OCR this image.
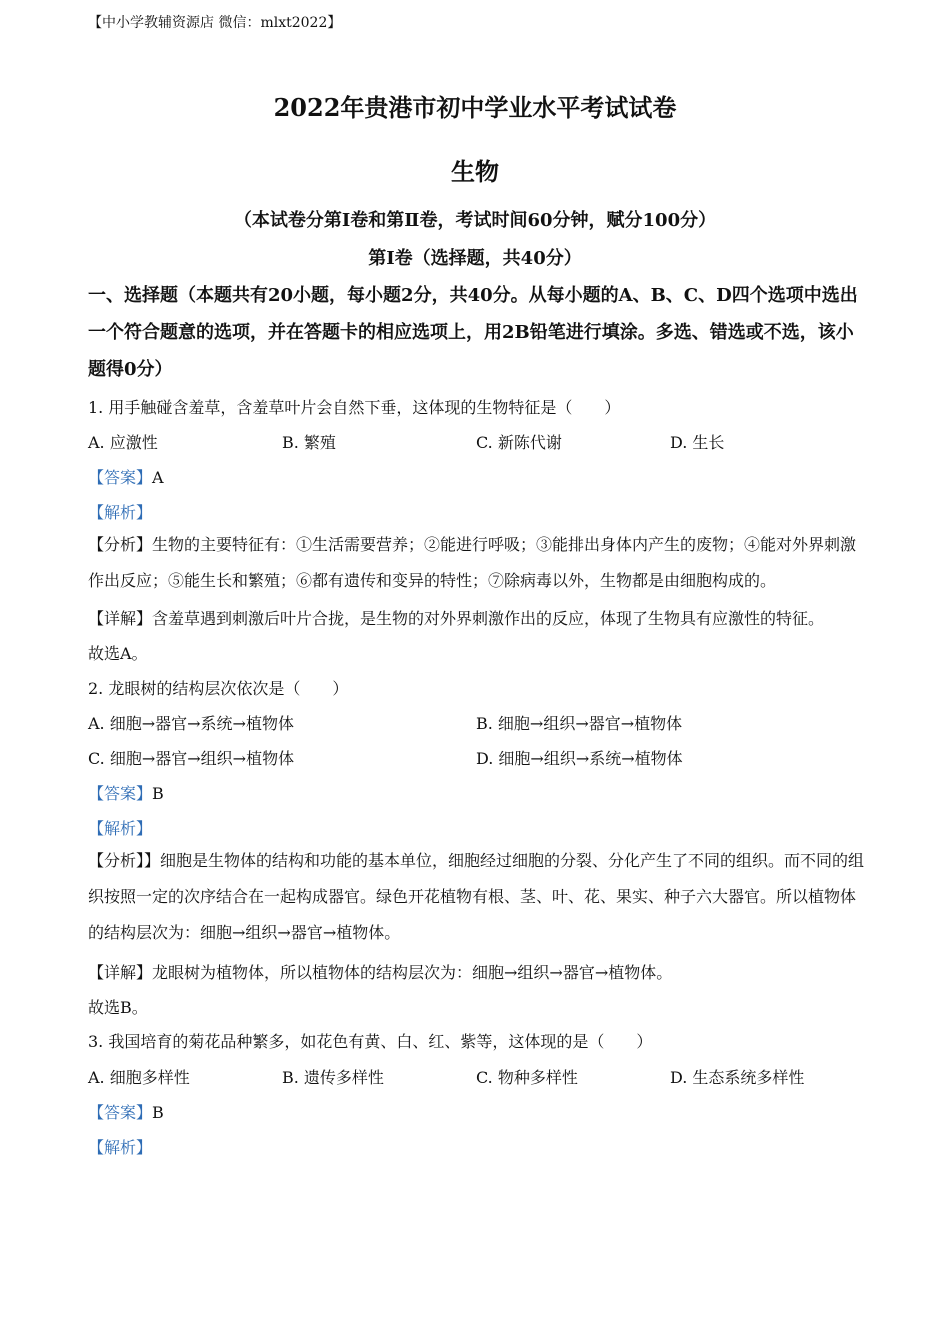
【中小学教辅资源店 微信：mlxt2022】
2022年贵港市初中学业水平考试试卷
生物
（本试卷分第Ⅰ卷和第Ⅱ卷，考试时间60分钟，赋分100分）
第Ⅰ卷（选择题，共40分）
一、选择题（本题共有20小题，每小题2分，共40分。从每小题的A、B、C、D四个选项中选出一个符合题意的选项，并在答题卡的相应选项上，用2B铅笔进行填涂。多选、错选或不选，该小题得0分）
1. 用手触碰含羞草，含羞草叶片会自然下垂，这体现的生物特征是（　　）
A. 应激性	B. 繁殖	C. 新陈代谢	D. 生长
【答案】A
【解析】
【分析】生物的主要特征有：①生活需要营养；②能进行呼吸；③能排出身体内产生的废物；④能对外界刺激作出反应；⑤能生长和繁殖；⑥都有遗传和变异的特性；⑦除病毒以外，生物都是由细胞构成的。
【详解】含羞草遇到刺激后叶片合拢，是生物的对外界刺激作出的反应，体现了生物具有应激性的特征。
故选A。
2. 龙眼树的结构层次依次是（　　）
A. 细胞→器官→系统→植物体	B. 细胞→组织→器官→植物体
C. 细胞→器官→组织→植物体	D. 细胞→组织→系统→植物体
【答案】B
【解析】
【分析】】细胞是生物体的结构和功能的基本单位，细胞经过细胞的分裂、分化产生了不同的组织。而不同的组织按照一定的次序结合在一起构成器官。绿色开花植物有根、茎、叶、花、果实、种子六大器官。所以植物体的结构层次为：细胞→组织→器官→植物体。
【详解】龙眼树为植物体，所以植物体的结构层次为：细胞→组织→器官→植物体。
故选B。
3. 我国培育的菊花品种繁多，如花色有黄、白、红、紫等，这体现的是（　　）
A. 细胞多样性	B. 遗传多样性	C. 物种多样性	D. 生态系统多样性
【答案】B
【解析】
